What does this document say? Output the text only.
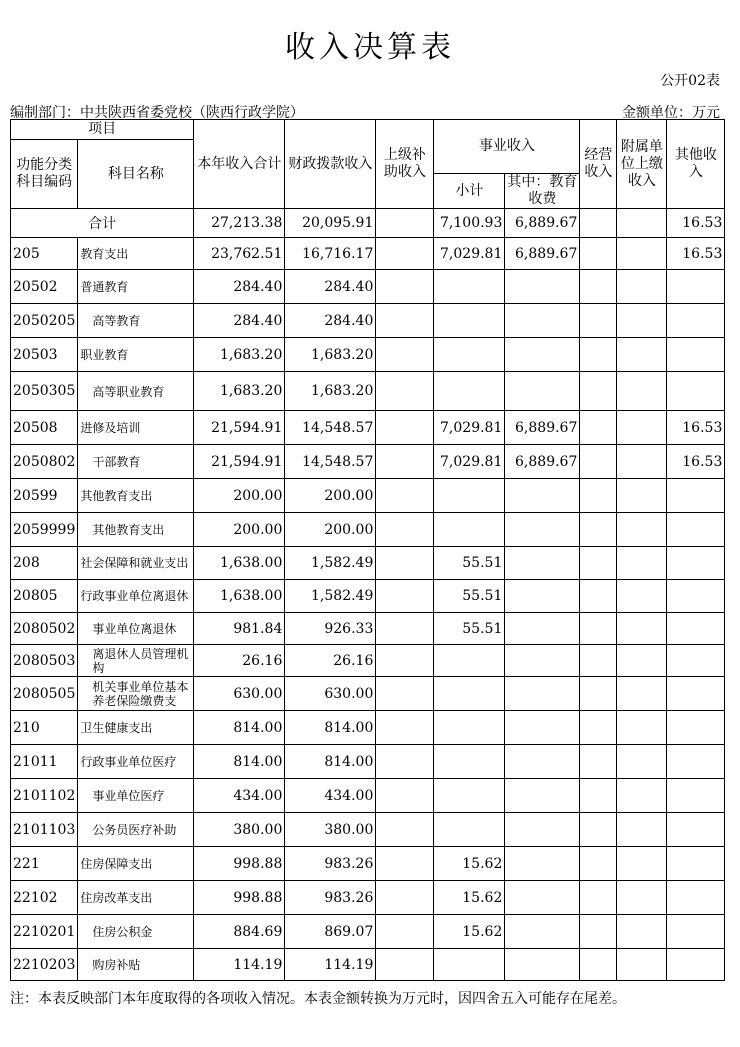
收入决算表
公开02表
编制部门：中共陕西省委党校（陕西行政学院）	金额单位：万元
项目		本年收入合计	财政拨款收入	上级补助收入	事业收入		经营收入	附属单位上缴收入	其他收入
功能分类科目编码	科目名称								
					小计	其中：教育收费			
合计		27,213.38	20,095.91		7,100.93	6,889.67			16.53
205	教育支出	23,762.51	16,716.17		7,029.81	6,889.67			16.53
20502	普通教育	284.40	284.40						
2050205	高等教育	284.40	284.40						
20503	职业教育	1,683.20	1,683.20						
2050305	高等职业教育	1,683.20	1,683.20						
20508	进修及培训	21,594.91	14,548.57		7,029.81	6,889.67			16.53
2050802	干部教育	21,594.91	14,548.57		7,029.81	6,889.67			16.53
20599	其他教育支出	200.00	200.00						
2059999	其他教育支出	200.00	200.00						
208	社会保障和就业支出	1,638.00	1,582.49		55.51				
20805	行政事业单位离退休	1,638.00	1,582.49		55.51				
2080502	事业单位离退休	981.84	926.33		55.51				
2080503	离退休人员管理机构	26.16	26.16						
2080505	机关事业单位基本养老保险缴费支	630.00	630.00						
210	卫生健康支出	814.00	814.00						
21011	行政事业单位医疗	814.00	814.00						
2101102	事业单位医疗	434.00	434.00						
2101103	公务员医疗补助	380.00	380.00						
221	住房保障支出	998.88	983.26		15.62				
22102	住房改革支出	998.88	983.26		15.62				
2210201	住房公积金	884.69	869.07		15.62				
2210203	购房补贴	114.19	114.19						
注：本表反映部门本年度取得的各项收入情况。本表金额转换为万元时，因四舍五入可能存在尾差。
